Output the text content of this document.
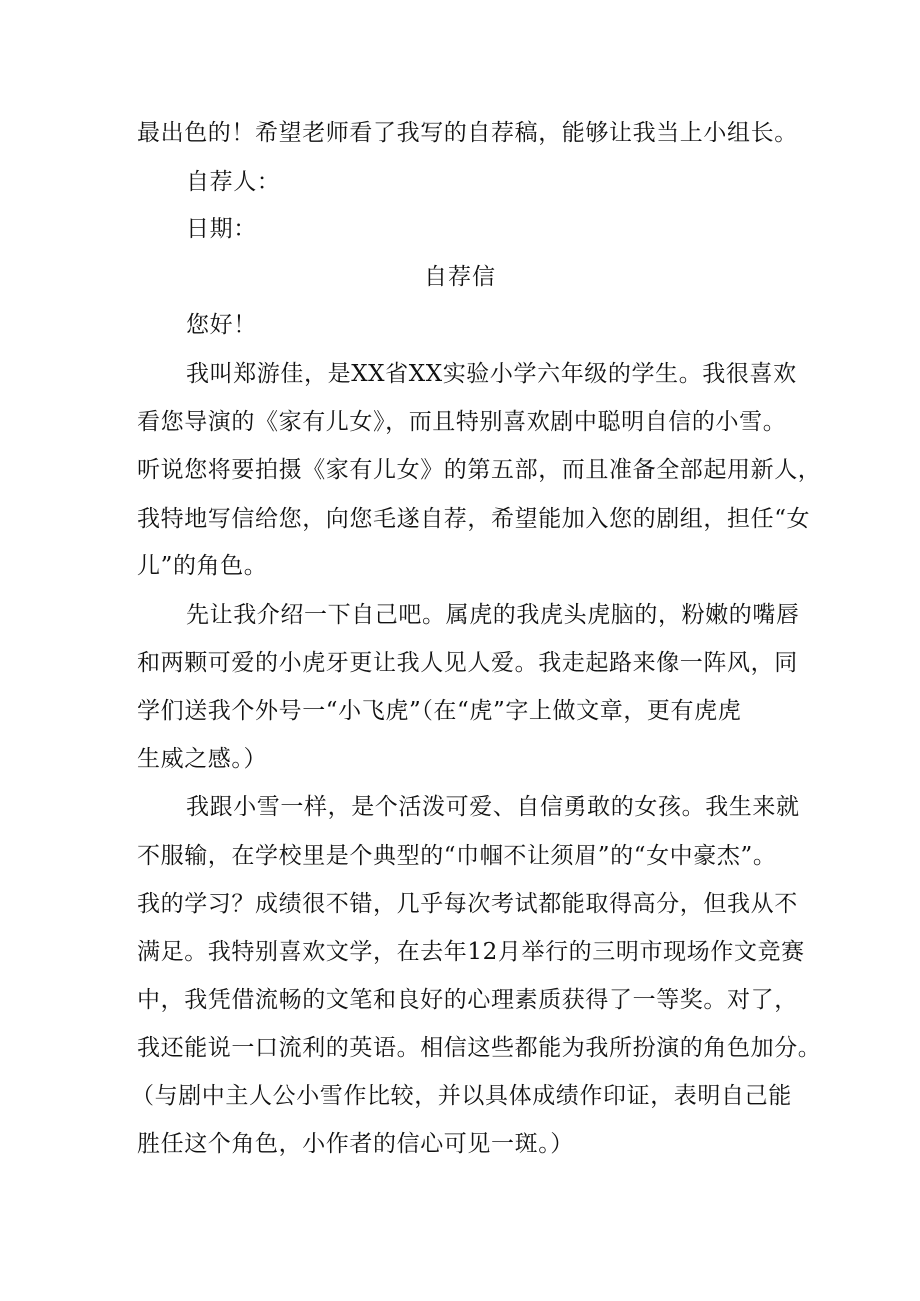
最出色的！希望老师看了我写的自荐稿，能够让我当上小组长。
自荐人：
日期：
自荐信
您好！
我叫郑游佳，是XX省XX实验小学六年级的学生。我很喜欢
看您导演的《家有儿女》，而且特别喜欢剧中聪明自信的小雪。
听说您将要拍摄《家有儿女》的第五部，而且准备全部起用新人，
我特地写信给您，向您毛遂自荐，希望能加入您的剧组，担任“女
儿”的角色。
先让我介绍一下自己吧。属虎的我虎头虎脑的，粉嫩的嘴唇
和两颗可爱的小虎牙更让我人见人爱。我走起路来像一阵风，同
学们送我个外号一“小飞虎”（在“虎”字上做文章，更有虎虎
生威之感。）
我跟小雪一样，是个活泼可爱、自信勇敢的女孩。我生来就
不服输，在学校里是个典型的“巾帼不让须眉”的“女中豪杰”。
我的学习？成绩很不错，几乎每次考试都能取得高分，但我从不
满足。我特别喜欢文学，在去年12月举行的三明市现场作文竞赛
中，我凭借流畅的文笔和良好的心理素质获得了一等奖。对了，
我还能说一口流利的英语。相信这些都能为我所扮演的角色加分。
（与剧中主人公小雪作比较，并以具体成绩作印证，表明自己能
胜任这个角色，小作者的信心可见一斑。）
